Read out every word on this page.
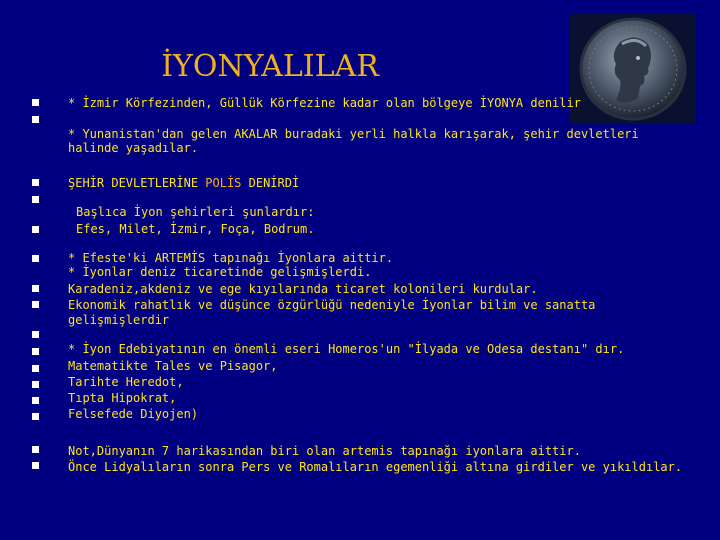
İYONYALILAR
* İzmir Körfezinden, Güllük Körfezine kadar olan bölgeye İYONYA denilir
* Yunanistan'dan gelen AKALAR buradaki yerli halkla karışarak, şehir devletleri
halinde yaşadılar.
ŞEHİR DEVLETLERİNE POLİS DENİRDİ
Başlıca İyon şehirleri şunlardır:
Efes, Milet, İzmir, Foça, Bodrum.
* Efeste'ki ARTEMİS tapınağı İyonlara aittir.
* İyonlar deniz ticaretinde gelişmişlerdi.
Karadeniz,akdeniz ve ege kıyılarında ticaret kolonileri kurdular.
Ekonomik rahatlık ve düşünce özgürlüğü nedeniyle İyonlar bilim ve sanatta
gelişmişlerdir
* İyon Edebiyatının en önemli eseri Homeros'un "İlyada ve Odesa destanı" dır.
Matematikte Tales ve Pisagor,
Tarihte Heredot,
Tıpta Hipokrat,
Felsefede Diyojen)
Not,Dünyanın 7 harikasından biri olan artemis tapınağı iyonlara aittir.
Önce Lidyalıların sonra Pers ve Romalıların egemenliği altına girdiler ve yıkıldılar.
